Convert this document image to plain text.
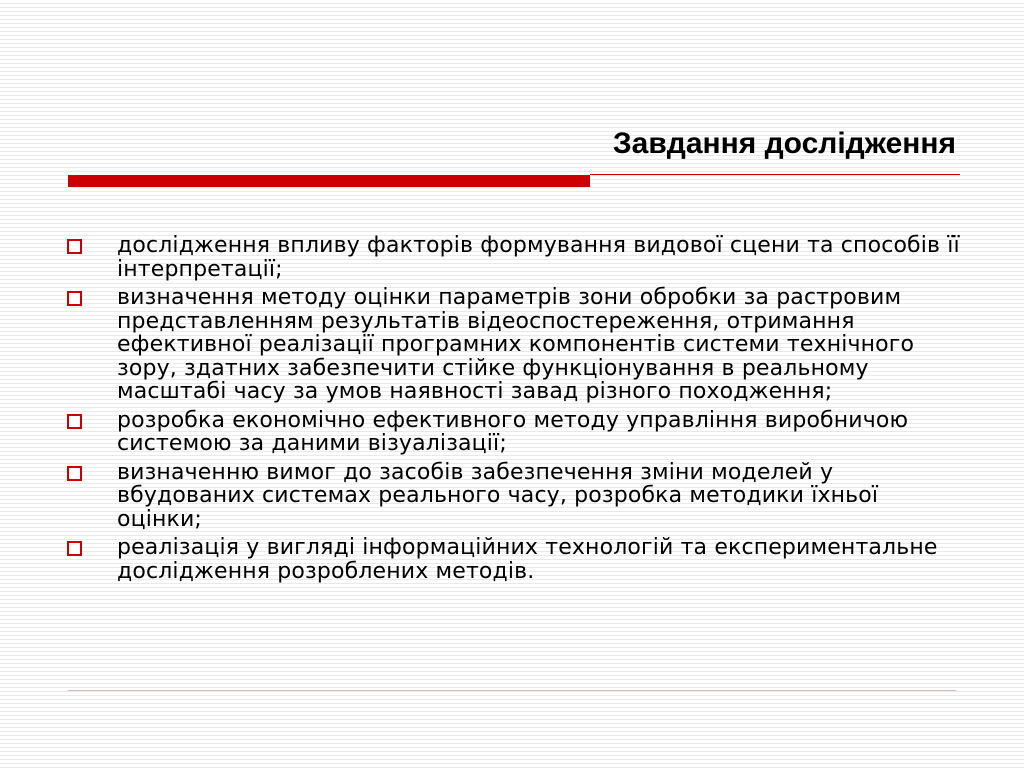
Завдання дослідження
дослідження впливу факторів формування видової сцени та способів її інтерпретації;
визначення методу оцінки параметрів зони обробки за растровим представленням результатів відеоспостереження, отримання ефективної реалізації програмних компонентів системи технічного зору, здатних забезпечити стійке функціонування в реальному масштабі часу за умов наявності завад різного походження;
розробка економічно ефективного методу управління виробничою системою за даними візуалізації;
визначенню вимог до засобів забезпечення зміни моделей у вбудованих системах реального часу, розробка методики їхньої оцінки;
реалізація у вигляді інформаційних технологій та експериментальне дослідження розроблених методів.
